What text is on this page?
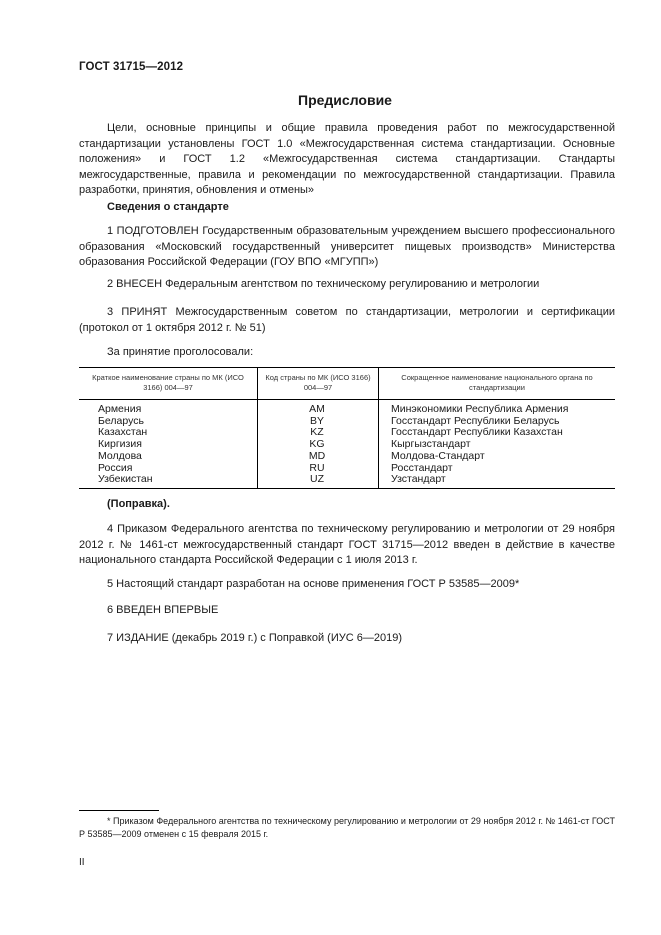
ГОСТ 31715—2012
Предисловие
Цели, основные принципы и общие правила проведения работ по межгосударственной стандартизации установлены ГОСТ 1.0 «Межгосударственная система стандартизации. Основные положения» и ГОСТ 1.2 «Межгосударственная система стандартизации. Стандарты межгосударственные, правила и рекомендации по межгосударственной стандартизации. Правила разработки, принятия, обновления и отмены»
Сведения о стандарте
1 ПОДГОТОВЛЕН Государственным образовательным учреждением высшего профессионального образования «Московский государственный университет пищевых производств» Министерства образования Российской Федерации (ГОУ ВПО «МГУПП»)
2 ВНЕСЕН Федеральным агентством по техническому регулированию и метрологии
3 ПРИНЯТ Межгосударственным советом по стандартизации, метрологии и сертификации (протокол от 1 октября 2012 г. № 51)
За принятие проголосовали:
Краткое наименование страны по МК (ИСО 3166) 004—97	Код страны по МК (ИСО 3166) 004—97	Сокращенное наименование национального органа по стандартизации
Армения	AM	Минэкономики Республика Армения
Беларусь	BY	Госстандарт Республики Беларусь
Казахстан	KZ	Госстандарт Республики Казахстан
Киргизия	KG	Кыргызстандарт
Молдова	MD	Молдова-Стандарт
Россия	RU	Росстандарт
Узбекистан	UZ	Узстандарт
(Поправка).
4 Приказом Федерального агентства по техническому регулированию и метрологии от 29 ноября 2012 г. № 1461-ст межгосударственный стандарт ГОСТ 31715—2012 введен в действие в качестве национального стандарта Российской Федерации с 1 июля 2013 г.
5 Настоящий стандарт разработан на основе применения ГОСТ Р 53585—2009*
6 ВВЕДЕН ВПЕРВЫЕ
7 ИЗДАНИЕ (декабрь 2019 г.) с Поправкой (ИУС 6—2019)
* Приказом Федерального агентства по техническому регулированию и метрологии от 29 ноября 2012 г. № 1461-ст ГОСТ Р 53585—2009 отменен с 15 февраля 2015 г.
II
